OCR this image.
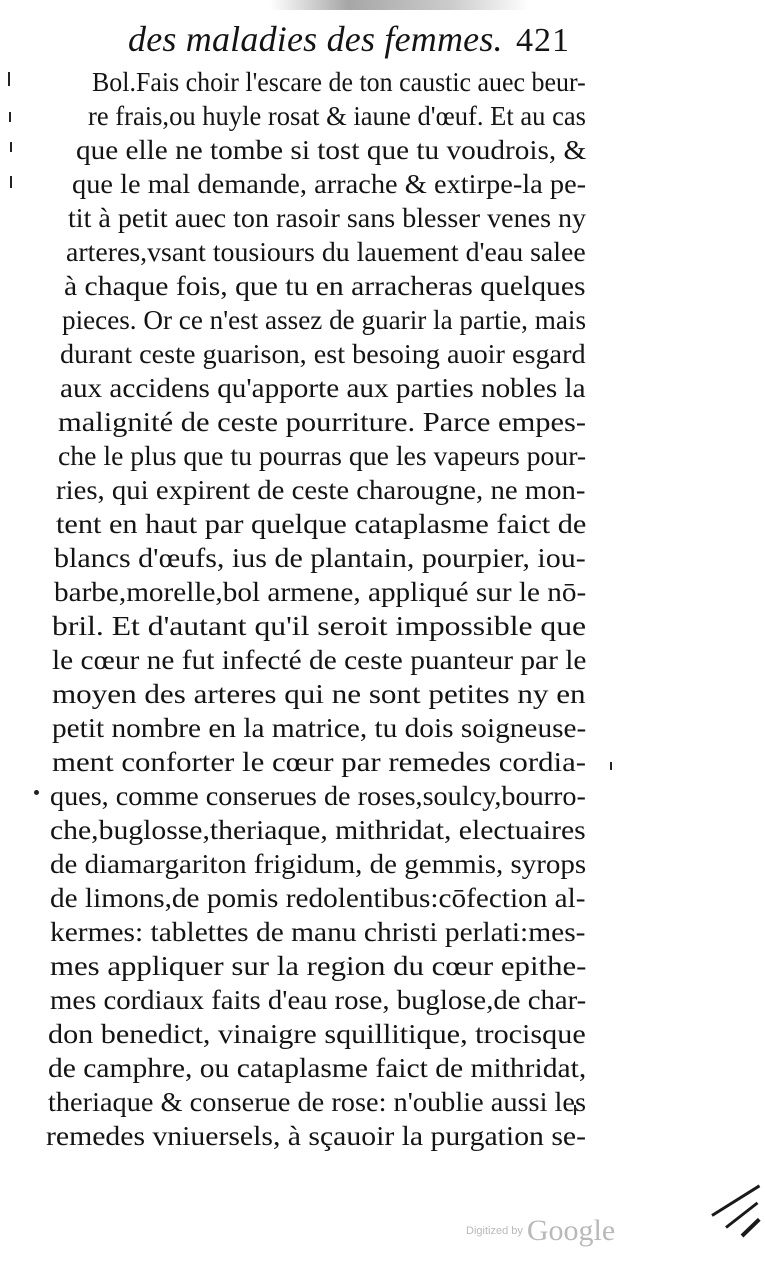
des maladies des femmes. 421
Bol.Fais choir l'escare de ton caustic auec beur-
re frais,ou huyle rosat & iaune d'œuf. Et au cas
que elle ne tombe si tost que tu voudrois, &
que le mal demande, arrache & extirpe-la pe-
tit à petit auec ton rasoir sans blesser venes ny
arteres,vsant tousiours du lauement d'eau salee
à chaque fois, que tu en arracheras quelques
pieces. Or ce n'est assez de guarir la partie, mais
durant ceste guarison, est besoing auoir esgard
aux accidens qu'apporte aux parties nobles la
malignité de ceste pourriture. Parce empes-
che le plus que tu pourras que les vapeurs pour-
ries, qui expirent de ceste charougne, ne mon-
tent en haut par quelque cataplasme faict de
blancs d'œufs, ius de plantain, pourpier, iou-
barbe,morelle,bol armene, appliqué sur le nō-
bril. Et d'autant qu'il seroit impossible que
le cœur ne fut infecté de ceste puanteur par le
moyen des arteres qui ne sont petites ny en
petit nombre en la matrice, tu dois soigneuse-
ment conforter le cœur par remedes cordia-
ques, comme conserues de roses,soulcy,bourro-
che,buglosse,theriaque, mithridat, electuaires
de diamargariton frigidum, de gemmis, syrops
de limons,de pomis redolentibus:cōfection al-
kermes: tablettes de manu christi perlati:mes-
mes appliquer sur la region du cœur epithe-
mes cordiaux faits d'eau rose, buglose,de char-
don benedict, vinaigre squillitique, trocisque
de camphre, ou cataplasme faict de mithridat,
theriaque & conserue de rose: n'oublie aussi les
remedes vniuersels, à sçauoir la purgation se-
Digitized by Google
